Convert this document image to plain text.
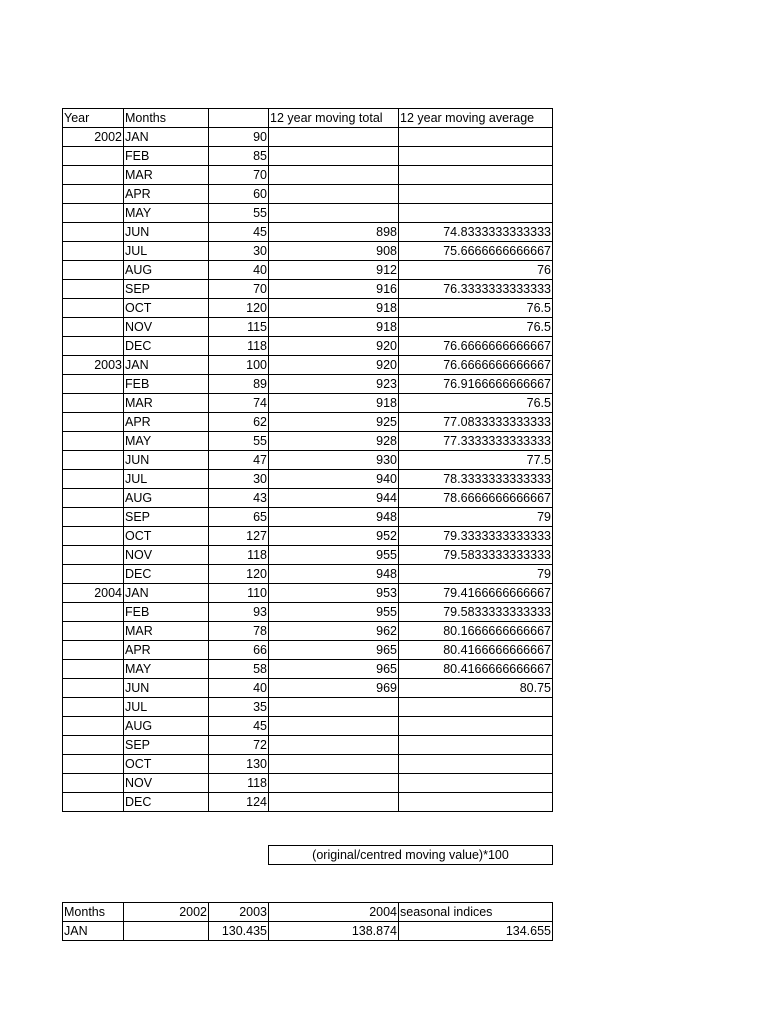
Year	Months		12 year moving total	12 year moving average
2002	JAN	90		
	FEB	85		
	MAR	70		
	APR	60		
	MAY	55		
	JUN	45	898	74.8333333333333
	JUL	30	908	75.6666666666667
	AUG	40	912	76
	SEP	70	916	76.3333333333333
	OCT	120	918	76.5
	NOV	115	918	76.5
	DEC	118	920	76.6666666666667
2003	JAN	100	920	76.6666666666667
	FEB	89	923	76.9166666666667
	MAR	74	918	76.5
	APR	62	925	77.0833333333333
	MAY	55	928	77.3333333333333
	JUN	47	930	77.5
	JUL	30	940	78.3333333333333
	AUG	43	944	78.6666666666667
	SEP	65	948	79
	OCT	127	952	79.3333333333333
	NOV	118	955	79.5833333333333
	DEC	120	948	79
2004	JAN	110	953	79.4166666666667
	FEB	93	955	79.5833333333333
	MAR	78	962	80.1666666666667
	APR	66	965	80.4166666666667
	MAY	58	965	80.4166666666667
	JUN	40	969	80.75
	JUL	35		
	AUG	45		
	SEP	72		
	OCT	130		
	NOV	118		
	DEC	124		
(original/centred moving value)*100
Months	2002	2003	2004	seasonal indices
JAN		130.435	138.874	134.655
